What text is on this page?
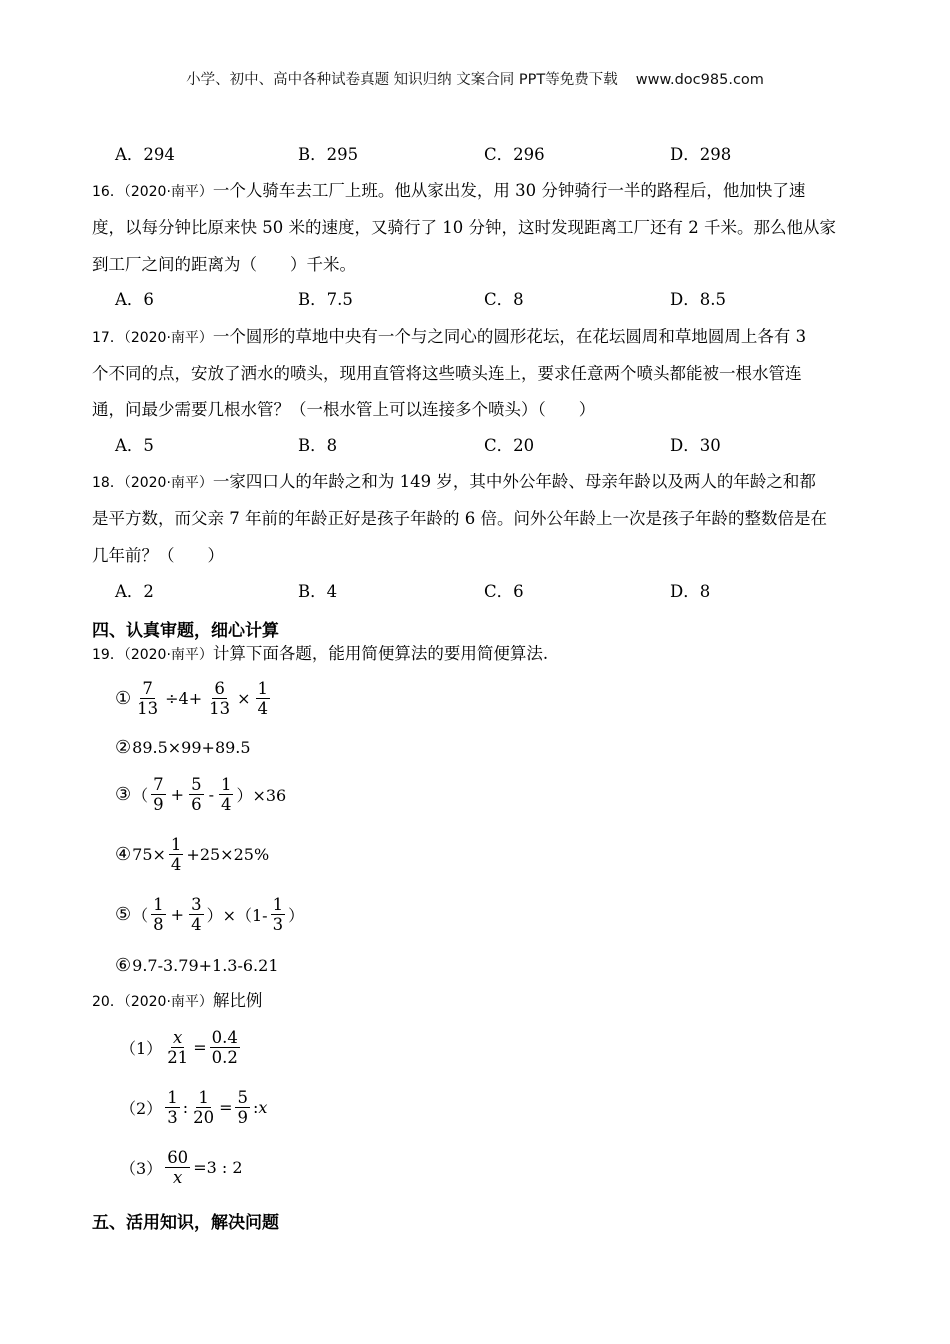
小学、初中、高中各种试卷真题 知识归纳 文案合同 PPT等免费下载 www.doc985.com
A．294	B．295	C．296	D．298
16．（2020·南平）一个人骑车去工厂上班。他从家出发，用 30 分钟骑行一半的路程后，他加快了速
度，以每分钟比原来快 50 米的速度，又骑行了 10 分钟，这时发现距离工厂还有 2 千米。那么他从家
到工厂之间的距离为（　　）千米。
A．6	B．7.5	C．8	D．8.5
17．（2020·南平）一个圆形的草地中央有一个与之同心的圆形花坛，在花坛圆周和草地圆周上各有 3
个不同的点，安放了洒水的喷头，现用直管将这些喷头连上，要求任意两个喷头都能被一根水管连
通，问最少需要几根水管？（一根水管上可以连接多个喷头）（　　）
A．5	B．8	C．20	D．30
18．（2020·南平）一家四口人的年龄之和为 149 岁，其中外公年龄、母亲年龄以及两人的年龄之和都
是平方数，而父亲 7 年前的年龄正好是孩子年龄的 6 倍。问外公年龄上一次是孩子年龄的整数倍是在
几年前？（　　）
A．2	B．4	C．6	D．8
四、认真审题，细心计算
19．（2020·南平）计算下面各题，能用简便算法的要用简便算法.
① $\frac{7}{13} \div 4+ \frac{6}{13} \times \frac{1}{4}$
② 89.5×99+89.5
③ （ $\frac{7}{9} + \frac{5}{6} - \frac{1}{4} )\times 36$
④ $75\times \frac{1}{4} +25\times 25\%$
⑤ （ $\frac{1}{8} + \frac{3}{4} )\times(1- \frac{1}{3}$ ）
⑥ 9.7-3.79+1.3-6.21
20．（2020·南平）解比例
$(1) \frac{x}{21} = \frac{0.4}{0.2}$
$(2) \frac{1}{3}$ : $\frac{1}{20} = \frac{5}{9}$ : x
$(3) \frac{60}{x} =3$ : 2
五、活用知识，解决问题
